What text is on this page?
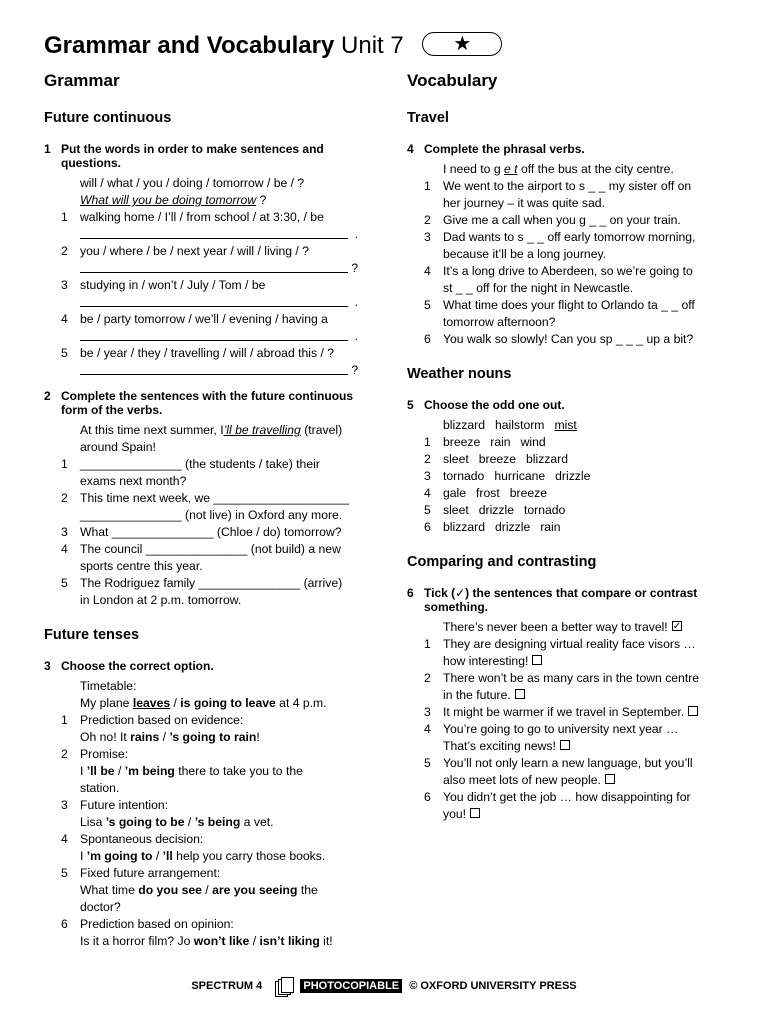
Grammar and Vocabulary Unit 7 ★
Grammar
Future continuous
1 Put the words in order to make sentences and questions.
will / what / you / doing / tomorrow / be / ?
What will you be doing tomorrow ?
1 walking home / I’ll / from school / at 3:30, / be
.
2 you / where / be / next year / will / living / ?
?
3 studying in / won’t / July / Tom / be
.
4 be / party tomorrow / we’ll / evening / having a
.
5 be / year / they / travelling / will / abroad this / ?
?
2 Complete the sentences with the future continuous form of the verbs.
At this time next summer, I’ll be travelling (travel)
around Spain!
1 _______________ (the students / take) their
exams next month?
2 This time next week, we ____________________
_______________ (not live) in Oxford any more.
3 What _______________ (Chloe / do) tomorrow?
4 The council _______________ (not build) a new
sports centre this year.
5 The Rodriguez family _______________ (arrive)
in London at 2 p.m. tomorrow.
Future tenses
3 Choose the correct option.
Timetable:
My plane leaves / is going to leave at 4 p.m.
1 Prediction based on evidence:
Oh no! It rains / ’s going to rain!
2 Promise:
I ’ll be / ’m being there to take you to the
station.
3 Future intention:
Lisa ’s going to be / ’s being a vet.
4 Spontaneous decision:
I ’m going to / ’ll help you carry those books.
5 Fixed future arrangement:
What time do you see / are you seeing the
doctor?
6 Prediction based on opinion:
Is it a horror film? Jo won’t like / isn’t liking it!
Vocabulary
Travel
4 Complete the phrasal verbs.
I need to g e t off the bus at the city centre.
1 We went to the airport to s _ _ my sister off on
her journey – it was quite sad.
2 Give me a call when you g _ _ on your train.
3 Dad wants to s _ _ off early tomorrow morning,
because it’ll be a long journey.
4 It’s a long drive to Aberdeen, so we’re going to
st _ _ off for the night in Newcastle.
5 What time does your flight to Orlando ta _ _ off
tomorrow afternoon?
6 You walk so slowly! Can you sp _ _ _ up a bit?
Weather nouns
5 Choose the odd one out.
blizzard hailstorm mist
1 breeze rain wind
2 sleet breeze blizzard
3 tornado hurricane drizzle
4 gale frost breeze
5 sleet drizzle tornado
6 blizzard drizzle rain
Comparing and contrasting
6 Tick (✓) the sentences that compare or contrast something.
There’s never been a better way to travel!✓
1 They are designing virtual reality face visors …
how interesting!
2 There won’t be as many cars in the town centre
in the future.
3 It might be warmer if we travel in September.
4 You’re going to go to university next year …
That’s exciting news!
5 You’ll not only learn a new language, but you’ll
also meet lots of new people.
6 You didn’t get the job … how disappointing for
you!
SPECTRUM 4	PHOTOCOPIABLE © OXFORD UNIVERSITY PRESS
